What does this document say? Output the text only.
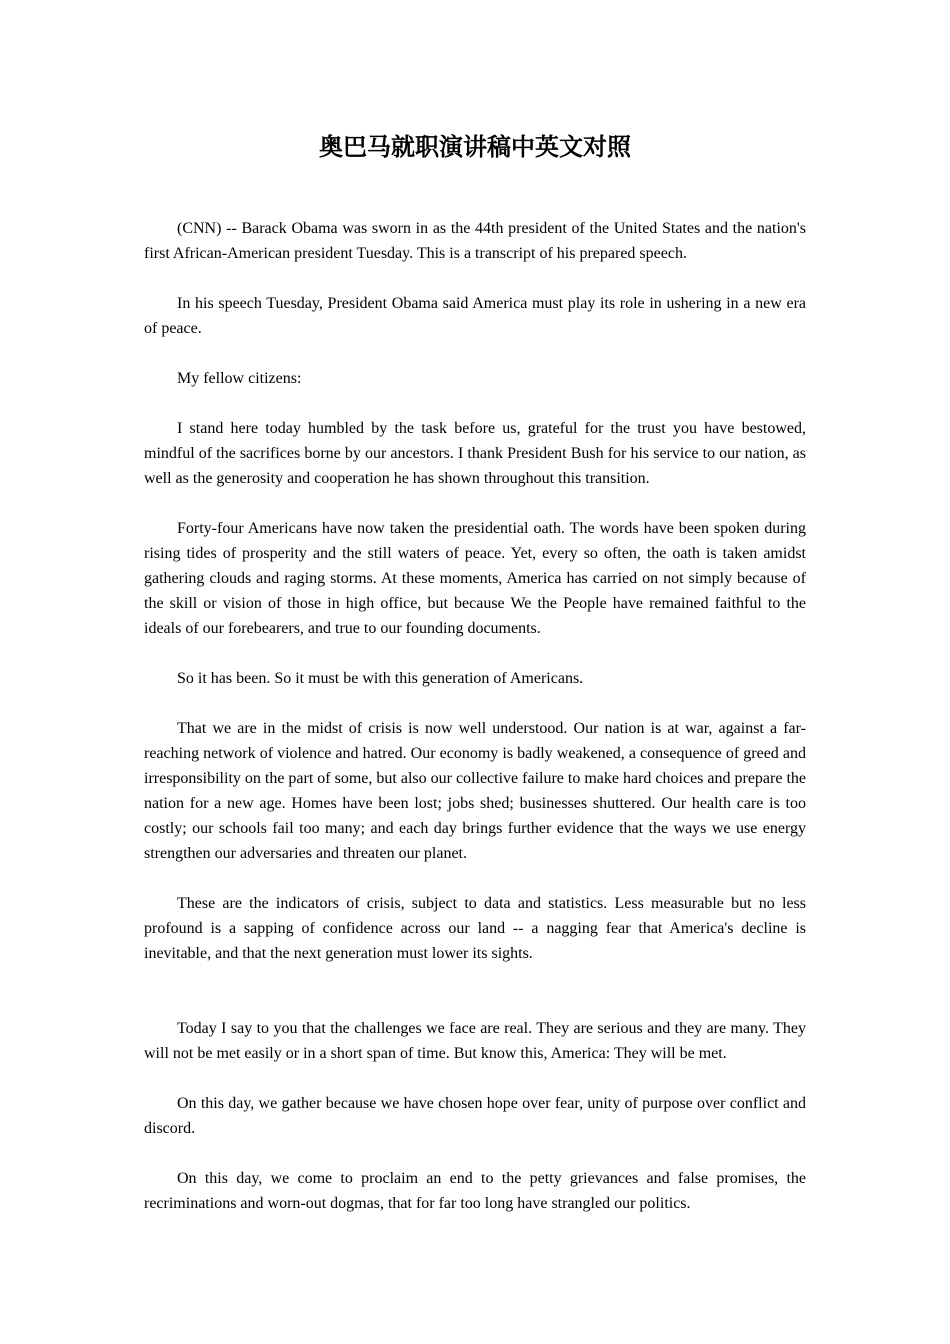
奥巴马就职演讲稿中英文对照

(CNN) -- Barack Obama was sworn in as the 44th president of the United States and the nation's first African-American president Tuesday. This is a transcript of his prepared speech.

In his speech Tuesday, President Obama said America must play its role in ushering in a new era of peace.

My fellow citizens:

I stand here today humbled by the task before us, grateful for the trust you have bestowed, mindful of the sacrifices borne by our ancestors. I thank President Bush for his service to our nation, as well as the generosity and cooperation he has shown throughout this transition.

Forty-four Americans have now taken the presidential oath. The words have been spoken during rising tides of prosperity and the still waters of peace. Yet, every so often, the oath is taken amidst gathering clouds and raging storms. At these moments, America has carried on not simply because of the skill or vision of those in high office, but because We the People have remained faithful to the ideals of our forebearers, and true to our founding documents.

So it has been. So it must be with this generation of Americans.

That we are in the midst of crisis is now well understood. Our nation is at war, against a far-reaching network of violence and hatred. Our economy is badly weakened, a consequence of greed and irresponsibility on the part of some, but also our collective failure to make hard choices and prepare the nation for a new age. Homes have been lost; jobs shed; businesses shuttered. Our health care is too costly; our schools fail too many; and each day brings further evidence that the ways we use energy strengthen our adversaries and threaten our planet.

These are the indicators of crisis, subject to data and statistics. Less measurable but no less profound is a sapping of confidence across our land -- a nagging fear that America's decline is inevitable, and that the next generation must lower its sights.

Today I say to you that the challenges we face are real. They are serious and they are many. They will not be met easily or in a short span of time. But know this, America: They will be met.

On this day, we gather because we have chosen hope over fear, unity of purpose over conflict and discord.

On this day, we come to proclaim an end to the petty grievances and false promises, the recriminations and worn-out dogmas, that for far too long have strangled our politics.
